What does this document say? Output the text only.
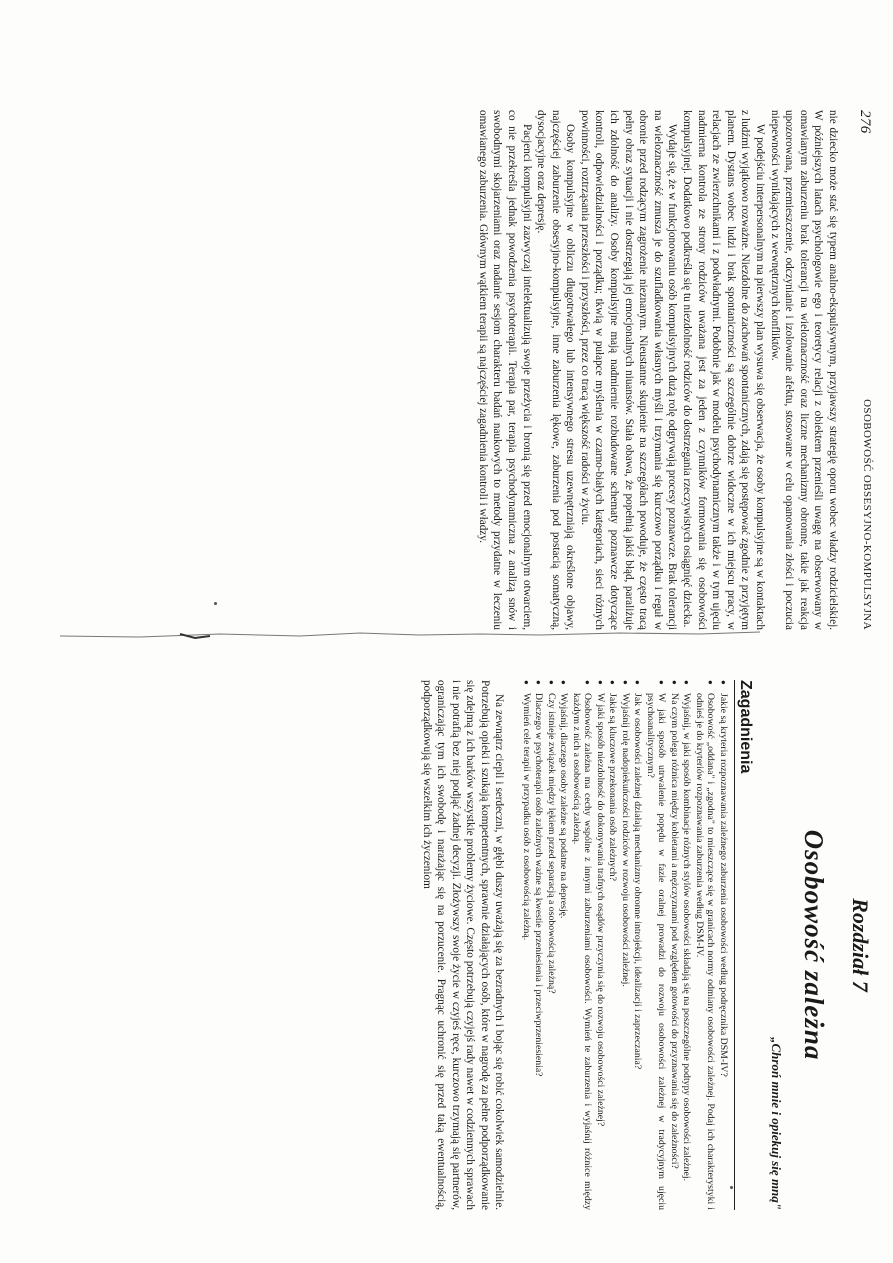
276
OSOBOWOŚĆ OBSESYJNO-KOMPULSYJNA

nie dziecko może stać się typem analno-ekspulsywnym, przyjawszy strategię oporu wobec władzy rodzicielskiej. W późniejszych latach psychologowie ego i teoretycy relacji z obiektem przenieśli uwagę na obserwowany w omawianym zaburzeniu brak tolerancji na wieloznaczność oraz liczne mechanizmy obronne, takie jak reakcja upozorowana, przemieszczenie, odczynianie i izolowanie afektu, stosowane w celu opanowania złości i poczucia niepewności wynikających z wewnętrznych konfliktów.

W podejściu interpersonalnym na pierwszy plan wysuwa się obserwacja, że osoby kompulsyjne są w kontaktach z ludźmi wyjątkowo rozważne. Niezdolne do zachowań spontanicznych, zdają się postępować zgodnie z przyjętym planem. Dystans wobec ludzi i brak spontaniczności są szczególnie dobrze widoczne w ich miejscu pracy, w relacjach ze zwierzchnikami i z podwładnymi. Podobnie jak w modelu psychodynamicznym także i w tym ujęciu nadmierna kontrola ze strony rodziców uważana jest za jeden z czynników formowania się osobowości kompulsyjnej. Dodatkowo podkreśla się tu niezdolność rodziców do dostrzegania rzeczywistych osiągnięć dziecka.

Wydaje się, że w funkcjonowaniu osób kompulsyjnych dużą rolę odgrywają procesy poznawcze. Brak tolerancji na wieloznaczność zmusza je do szufladkowania własnych myśli i trzymania się kurczowo porządku i reguł w obronie przed rodzącym zagrożenie nieznanym. Nieustanne skupienie na szczegółach powoduje, że często tracą pełny obraz sytuacji i nie dostrzegają jej emocjonalnych niuansów. Stała obawa, że popełnią jakiś błąd, paraliżuje ich zdolność do analizy. Osoby kompulsyjne mają nadmiernie rozbudowane schematy poznawcze dotyczące kontroli, odpowiedzialności i porządku; tkwią w pułapce myślenia w czarno-białych kategoriach, sieci różnych powinności, roztrząsania przeszłości i przyszłości, przez co tracą większość radości w życiu.

Osoby kompulsyjne w obliczu długotrwałego lub intensywnego stresu uzewnętrzniają określone objawy, najczęściej zaburzenie obsesyjno-kompulsyjne, inne zaburzenia lękowe, zaburzenia pod postacią somatyczną, dysocjacyjne oraz depresję.

Pacjenci kompulsyjni zazwyczaj intelektualizują swoje przeżycia i bronią się przed emocjonalnym otwarciem, co nie przekreśla jednak powodzenia psychoterapii. Terapia par, terapia psychodynamiczna z analizą snów i swobodnymi skojarzeniami oraz nadanie sesjom charakteru badań naukowych to metody przydatne w leczeniu omawianego zaburzenia. Głównym wątkiem terapii są najczęściej zagadnienia kontroli i władzy.

Rozdział 7
Osobowość zależna
„Chroń mnie i opiekuj się mną"
Zagadnienia
● Jakie są kryteria rozpoznawania zależnego zaburzenia osobowości według podręcznika DSM-IV?
● Osobowość „oddana" i „zgodna" to mieszczące się w granicach normy odmiany osobowości zależnej. Podaj ich charakterystyki i odnieś je do kryteriów rozpoznawania zaburzenia według DSM-IV.
● Wyjaśnij, w jaki sposób kombinacje różnych stylów osobowości składają się na poszczególne podtypy osobowości zależnej.
● Na czym polega różnica między kobietami a mężczyznami pod względem gotowości do przyznawania się do zależności?
● W jaki sposób utrwalenie popędu w fazie oralnej prowadzi do rozwoju osobowości zależnej w tradycyjnym ujęciu psychoanalitycznym?
● Jak w osobowości zależnej działają mechanizmy obronne introjekcji, idealizacji i zaprzeczania?
● Wyjaśnij rolę nadopiekuńczości rodziców w rozwoju osobowości zależnej.
● Jakie są kluczowe przekonania osób zależnych?
● W jaki sposób niezdolność do dokonywania trafnych osądów przyczynia się do rozwoju osobowości zależnej?
● Osobowość zależna ma cechy wspólne z innymi zaburzeniami osobowości. Wymień te zaburzenia i wyjaśnij różnice między każdym z nich a osobowością zależną.
● Wyjaśnij, dlaczego osoby zależne są podatne na depresję.
● Czy istnieje związek między lękiem przed separacją a osobowością zależną?
● Dlaczego w psychoterapii osób zależnych ważne są kwestie przeniesienia i przeciwprzeniesienia?
● Wymień cele terapii w przypadku osób z osobowością zależną.

Na zewnątrz ciepli i serdeczni, w głębi duszy uważają się za bezradnych i bojąc się robić cokolwiek samodzielnie. Potrzebują opieki i szukają kompetentnych, sprawnie działających osób, które w nagrodę za pełne podporządkowanie się zdejmą z ich barków wszystkie problemy życiowe. Często potrzebują czyjejś rady nawet w codziennych sprawach i nie potrafią bez niej podjąć żadnej decyzji. Złożywszy swoje życie w czyjeś ręce, kurczowo trzymają się partnerów, ograniczając tym ich swobodę i narażając się na porzucenie. Pragnąc uchronić się przed taką ewentualnością, podporządkowują się wszelkim ich życzeniom
